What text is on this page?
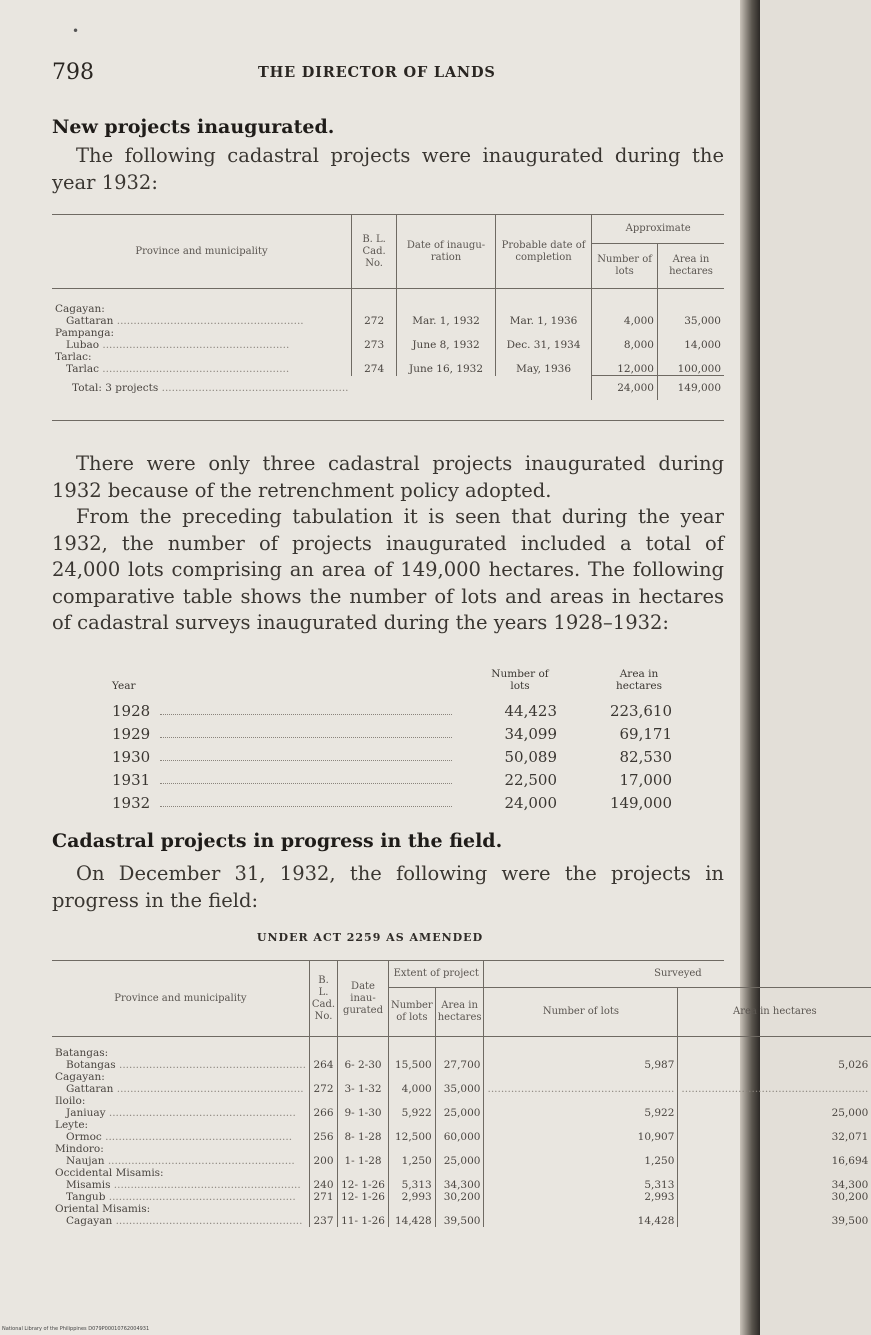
•
798	THE DIRECTOR OF LANDS
New projects inaugurated.
The following cadastral projects were inaugurated during the year 1932:
Province and municipality	B. L. Cad. No.	Date of inaugu-ration	Probable date of completion	Approximate	
				Number of lots	Area in hectares
Cagayan:					
Gattaran .....	272	Mar. 1, 1932	Mar. 1, 1936	4,000	35,000
Pampanga:					
Lubao .....	273	June 8, 1932	Dec. 31, 1934	8,000	14,000
Tarlac:					
Tarlac .....	274	June 16, 1932	May, 1936	12,000	100,000
Total: 3 projects .....				24,000	149,000
There were only three cadastral projects inaugurated during 1932 because of the retrenchment policy adopted.
From the preceding tabulation it is seen that during the year 1932, the number of projects inaugurated included a total of 24,000 lots comprising an area of 149,000 hectares. The following comparative table shows the number of lots and areas in hectares of cadastral surveys inaugurated during the years 1928–1932:
Year
Number of lots
Area in hectares
1928	44,423	223,610
1929	34,099	69,171
1930	50,089	82,530
1931	22,500	17,000
1932	24,000	149,000
Cadastral projects in progress in the field.
On December 31, 1932, the following were the projects in progress in the field:
UNDER ACT 2259 AS AMENDED
Province and municipality	B. L. Cad. No.	Date inau-gurated	Extent of project		Surveyed	
			Number of lots	Area in hectares	Number of lots	Area in hectares
Batangas:						
Botangas .....	264	6- 2-30	15,500	27,700	5,987	5,026
Cagayan:						
Gattaran .....	272	3- 1-32	4,000	35,000	.....	.....
Iloilo:						
Janiuay .....	266	9- 1-30	5,922	25,000	5,922	25,000
Leyte:						
Ormoc .....	256	8- 1-28	12,500	60,000	10,907	32,071
Mindoro:						
Naujan .....	200	1- 1-28	1,250	25,000	1,250	16,694
Occidental Misamis:						
Misamis .....	240	12- 1-26	5,313	34,300	5,313	34,300
Tangub .....	271	12- 1-26	2,993	30,200	2,993	30,200
Oriental Misamis:						
Cagayan .....	237	11- 1-26	14,428	39,500	14,428	39,500
National Library of the Philippines D079P00010762004931
